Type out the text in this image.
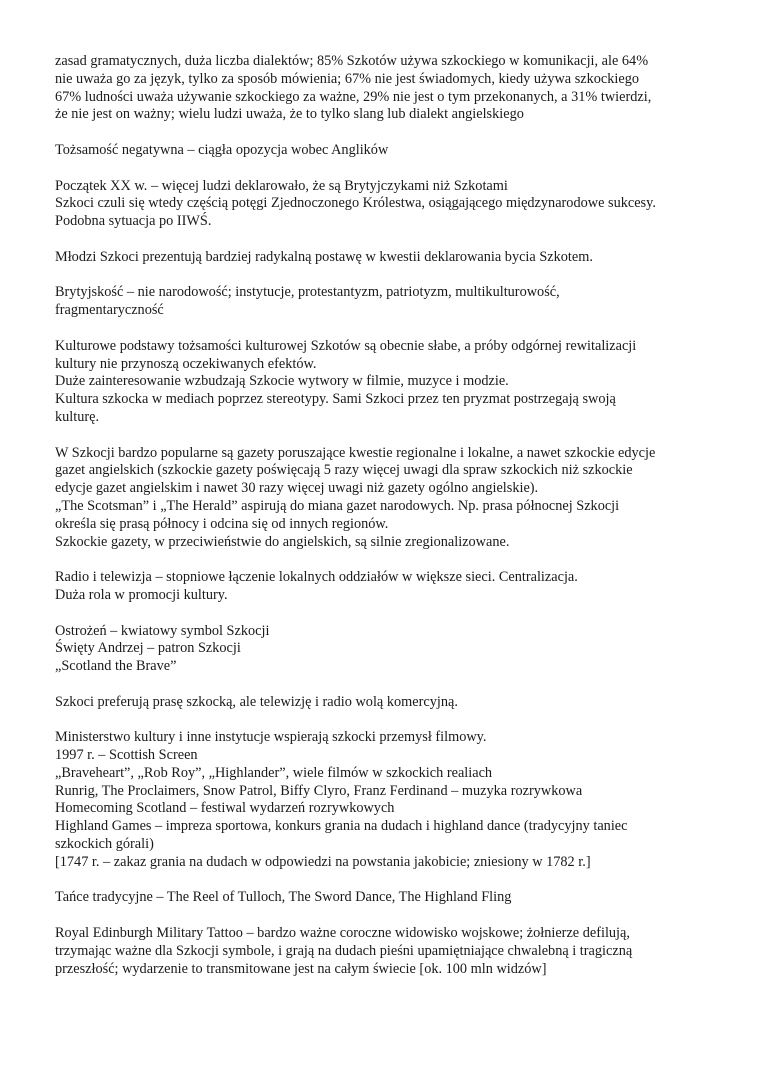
zasad gramatycznych, duża liczba dialektów; 85% Szkotów używa szkockiego w komunikacji, ale 64%
nie uważa go za język, tylko za sposób mówienia; 67% nie jest świadomych, kiedy używa szkockiego
67% ludności uważa używanie szkockiego za ważne, 29% nie jest o tym przekonanych, a 31% twierdzi,
że nie jest on ważny; wielu ludzi uważa, że to tylko slang lub dialekt angielskiego
Tożsamość negatywna – ciągła opozycja wobec Anglików
Początek XX w. – więcej ludzi deklarowało, że są Brytyjczykami niż Szkotami
Szkoci czuli się wtedy częścią potęgi Zjednoczonego Królestwa, osiągającego międzynarodowe sukcesy.
Podobna sytuacja po IIWŚ.
Młodzi Szkoci prezentują bardziej radykalną postawę w kwestii deklarowania bycia Szkotem.
Brytyjskość – nie narodowość; instytucje, protestantyzm, patriotyzm, multikulturowość,
fragmentaryczność
Kulturowe podstawy tożsamości kulturowej Szkotów są obecnie słabe, a próby odgórnej rewitalizacji
kultury nie przynoszą oczekiwanych efektów.
Duże zainteresowanie wzbudzają Szkocie wytwory w filmie, muzyce i modzie.
Kultura szkocka w mediach poprzez stereotypy. Sami Szkoci przez ten pryzmat postrzegają swoją
kulturę.
W Szkocji bardzo popularne są gazety poruszające kwestie regionalne i lokalne, a nawet szkockie edycje
gazet angielskich (szkockie gazety poświęcają 5 razy więcej uwagi dla spraw szkockich niż szkockie
edycje gazet angielskim i nawet 30 razy więcej uwagi niż gazety ogólno angielskie).
„The Scotsman” i „The Herald” aspirują do miana gazet narodowych. Np. prasa północnej Szkocji
określa się prasą północy i odcina się od innych regionów.
Szkockie gazety, w przeciwieństwie do angielskich, są silnie zregionalizowane.
Radio i telewizja – stopniowe łączenie lokalnych oddziałów w większe sieci. Centralizacja.
Duża rola w promocji kultury.
Ostrożeń – kwiatowy symbol Szkocji
Święty Andrzej – patron Szkocji
„Scotland the Brave”
Szkoci preferują prasę szkocką, ale telewizję i radio wolą komercyjną.
Ministerstwo kultury i inne instytucje wspierają szkocki przemysł filmowy.
1997 r. – Scottish Screen
„Braveheart”, „Rob Roy”, „Highlander”, wiele filmów w szkockich realiach
Runrig, The Proclaimers, Snow Patrol, Biffy Clyro, Franz Ferdinand – muzyka rozrywkowa
Homecoming Scotland – festiwal wydarzeń rozrywkowych
Highland Games – impreza sportowa, konkurs grania na dudach i highland dance (tradycyjny taniec
szkockich górali)
[1747 r. – zakaz grania na dudach w odpowiedzi na powstania jakobicie; zniesiony w 1782 r.]
Tańce tradycyjne – The Reel of Tulloch, The Sword Dance, The Highland Fling
Royal Edinburgh Military Tattoo – bardzo ważne coroczne widowisko wojskowe; żołnierze defilują,
trzymając ważne dla Szkocji symbole, i grają na dudach pieśni upamiętniające chwalebną i tragiczną
przeszłość; wydarzenie to transmitowane jest na całym świecie [ok. 100 mln widzów]
